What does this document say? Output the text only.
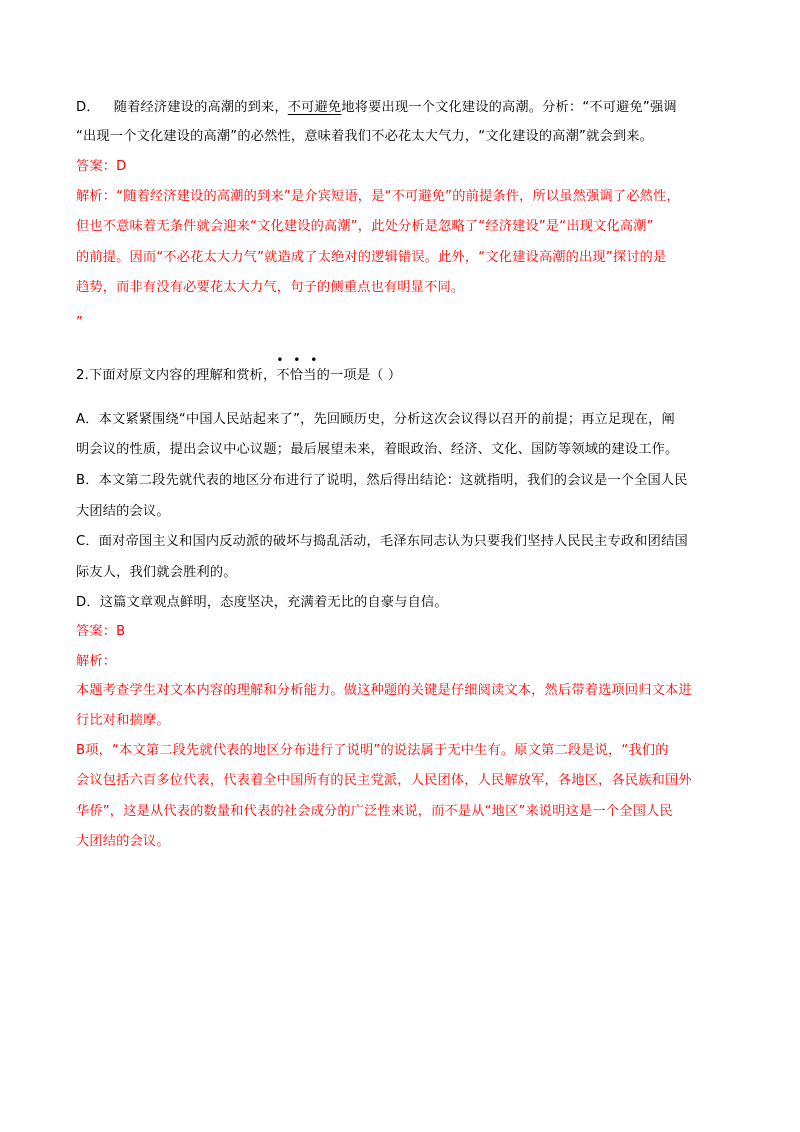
D． 随着经济建设的高潮的到来，不可避免地将要出现一个文化建设的高潮。分析：“不可避免”强调
“出现一个文化建设的高潮”的必然性，意味着我们不必花太大气力，“文化建设的高潮”就会到来。
答案：D
解析：“随着经济建设的高潮的到来”是介宾短语，是“不可避免”的前提条件，所以虽然强调了必然性，
但也不意味着无条件就会迎来“文化建设的高潮”，此处分析是忽略了“经济建设”是“出现文化高潮”
的前提。因而“不必花太大力气”就造成了太绝对的逻辑错误。此外，“文化建设高潮的出现”探讨的是
趋势，而非有没有必要花太大力气，句子的侧重点也有明显不同。
”
2.下面对原文内容的理解和赏析，
• • •
不恰当的一项是（ ）
A．本文紧紧围绕“中国人民站起来了”，先回顾历史，分析这次会议得以召开的前提；再立足现在，阐
明会议的性质，提出会议中心议题；最后展望未来，着眼政治、经济、文化、国防等领域的建设工作。
B．本文第二段先就代表的地区分布进行了说明，然后得出结论：这就指明，我们的会议是一个全国人民
大团结的会议。
C．面对帝国主义和国内反动派的破坏与捣乱活动，毛泽东同志认为只要我们坚持人民民主专政和团结国
际友人，我们就会胜利的。
D．这篇文章观点鲜明，态度坚决，充满着无比的自豪与自信。
答案：B
解析：
本题考查学生对文本内容的理解和分析能力。做这种题的关键是仔细阅读文本，然后带着选项回归文本进
行比对和揣摩。
B项，“本文第二段先就代表的地区分布进行了说明”的说法属于无中生有。原文第二段是说，“我们的
会议包括六百多位代表，代表着全中国所有的民主党派，人民团体，人民解放军，各地区，各民族和国外
华侨”，这是从代表的数量和代表的社会成分的广泛性来说，而不是从“地区”来说明这是一个全国人民
大团结的会议。
